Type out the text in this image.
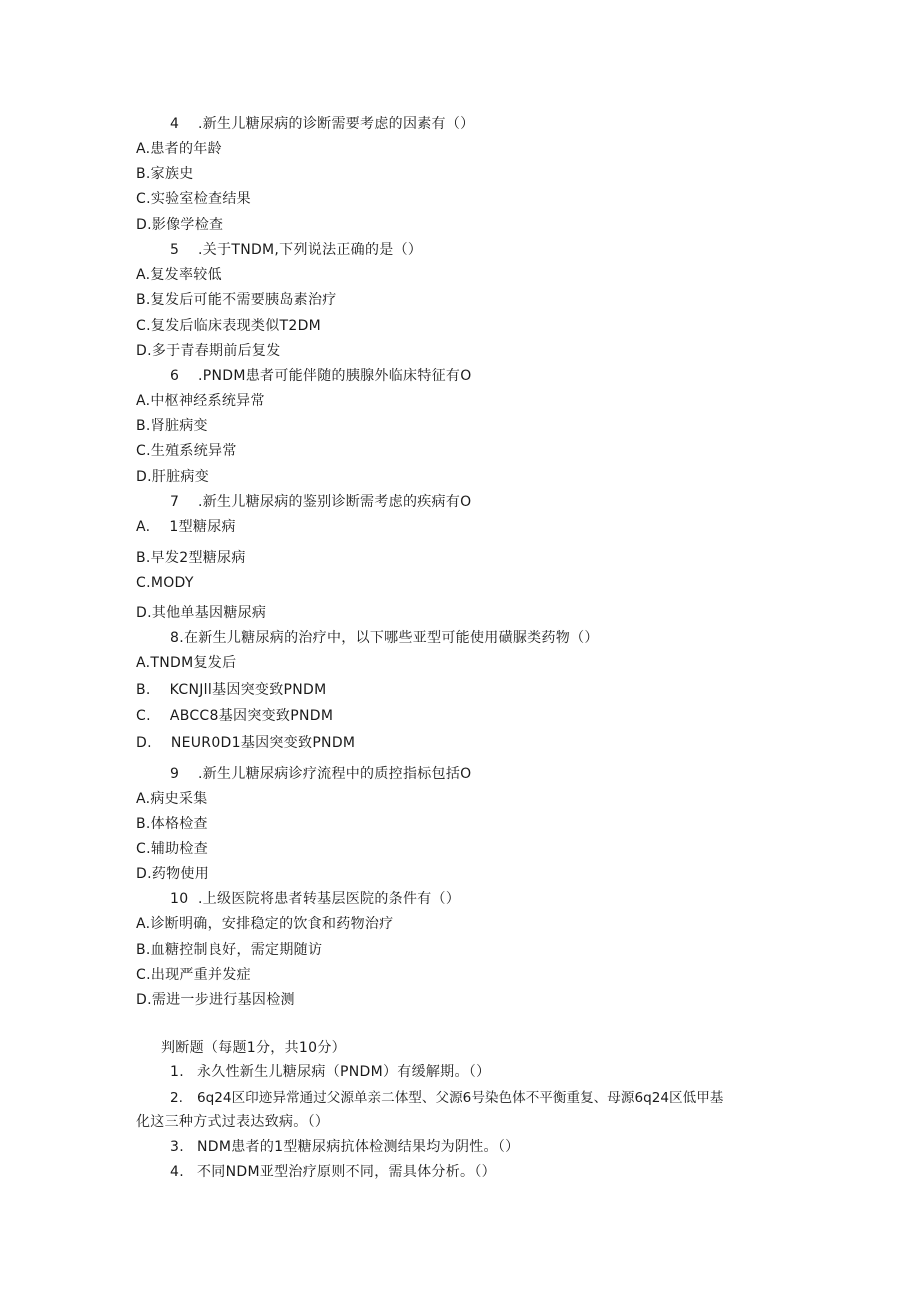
4 .新生儿糖尿病的诊断需要考虑的因素有（）
A.患者的年龄
B.家族史
C.实验室检查结果
D.影像学检查
5 .关于TNDM,下列说法正确的是（）
A.复发率较低
B.复发后可能不需要胰岛素治疗
C.复发后临床表现类似T2DM
D.多于青春期前后复发
6 .PNDM患者可能伴随的胰腺外临床特征有O
A.中枢神经系统异常
B.肾脏病变
C.生殖系统异常
D.肝脏病变
7 .新生儿糖尿病的鉴别诊断需考虑的疾病有O
A.    1型糖尿病
B.早发2型糖尿病
C.MODY
D.其他单基因糖尿病
8.在新生儿糖尿病的治疗中，以下哪些亚型可能使用磺脲类药物（）
A.TNDM复发后
B.    KCNJll基因突变致PNDM
C.    ABCC8基因突变致PNDM
D.    NEUR0D1基因突变致PNDM
9 .新生儿糖尿病诊疗流程中的质控指标包括O
A.病史采集
B.体格检查
C.辅助检查
D.药物使用
10 .上级医院将患者转基层医院的条件有（）
A.诊断明确，安排稳定的饮食和药物治疗
B.血糖控制良好，需定期随访
C.出现严重并发症
D.需进一步进行基因检测
判断题（每题1分，共10分）
1. 永久性新生儿糖尿病（PNDM）有缓解期。（）
2. 6q24区印迹异常通过父源单亲二体型、父源6号染色体不平衡重复、母源6q24区低甲基
化这三种方式过表达致病。（）
3. NDM患者的1型糖尿病抗体检测结果均为阴性。（）
4. 不同NDM亚型治疗原则不同，需具体分析。（）
